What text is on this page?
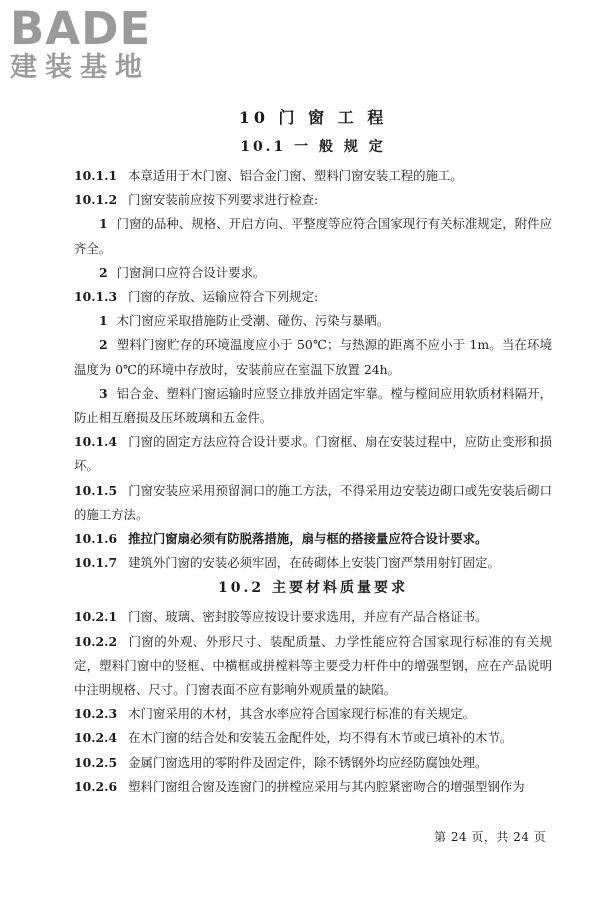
BADE
建装基地
10 门 窗 工 程
10.1 一 般 规 定

10.1.1 本章适用于木门窗、铝合金门窗、塑料门窗安装工程的施工。

10.1.2 门窗安装前应按下列要求进行检查:

1 门窗的品种、规格、开启方向、平整度等应符合国家现行有关标准规定，附件应齐全。

2 门窗洞口应符合设计要求。

10.1.3 门窗的存放、运输应符合下列规定:

1 木门窗应采取措施防止受潮、碰伤、污染与暴晒。

2 塑料门窗贮存的环境温度应小于 50℃；与热源的距离不应小于 1m。当在环境温度为 0℃的环境中存放时，安装前应在室温下放置 24h。

3 铝合金、塑料门窗运输时应竖立排放并固定牢靠。樘与樘间应用软质材料隔开，防止相互磨损及压坏玻璃和五金件。

10.1.4 门窗的固定方法应符合设计要求。门窗框、扇在安装过程中，应防止变形和损坏。

10.1.5 门窗安装应采用预留洞口的施工方法，不得采用边安装边砌口或先安装后砌口的施工方法。

10.1.6 推拉门窗扇必须有防脱落措施，扇与框的搭接量应符合设计要求。

10.1.7 建筑外门窗的安装必须牢固，在砖砌体上安装门窗严禁用射钉固定。

10.2 主要材料质量要求

10.2.1 门窗、玻璃、密封胶等应按设计要求选用，并应有产品合格证书。

10.2.2 门窗的外观、外形尺寸、装配质量、力学性能应符合国家现行标准的有关规定，塑料门窗中的竖框、中横框或拼樘料等主要受力杆件中的增强型钢，应在产品说明中注明规格、尺寸。门窗表面不应有影响外观质量的缺陷。

10.2.3 木门窗采用的木材，其含水率应符合国家现行标准的有关规定。

10.2.4 在木门窗的结合处和安装五金配件处，均不得有木节或已填补的木节。

10.2.5 金属门窗选用的零附件及固定件，除不锈钢外均应经防腐蚀处理。

10.2.6 塑料门窗组合窗及连窗门的拼樘应采用与其内腔紧密吻合的增强型钢作为

第 24 页，共 24 页
